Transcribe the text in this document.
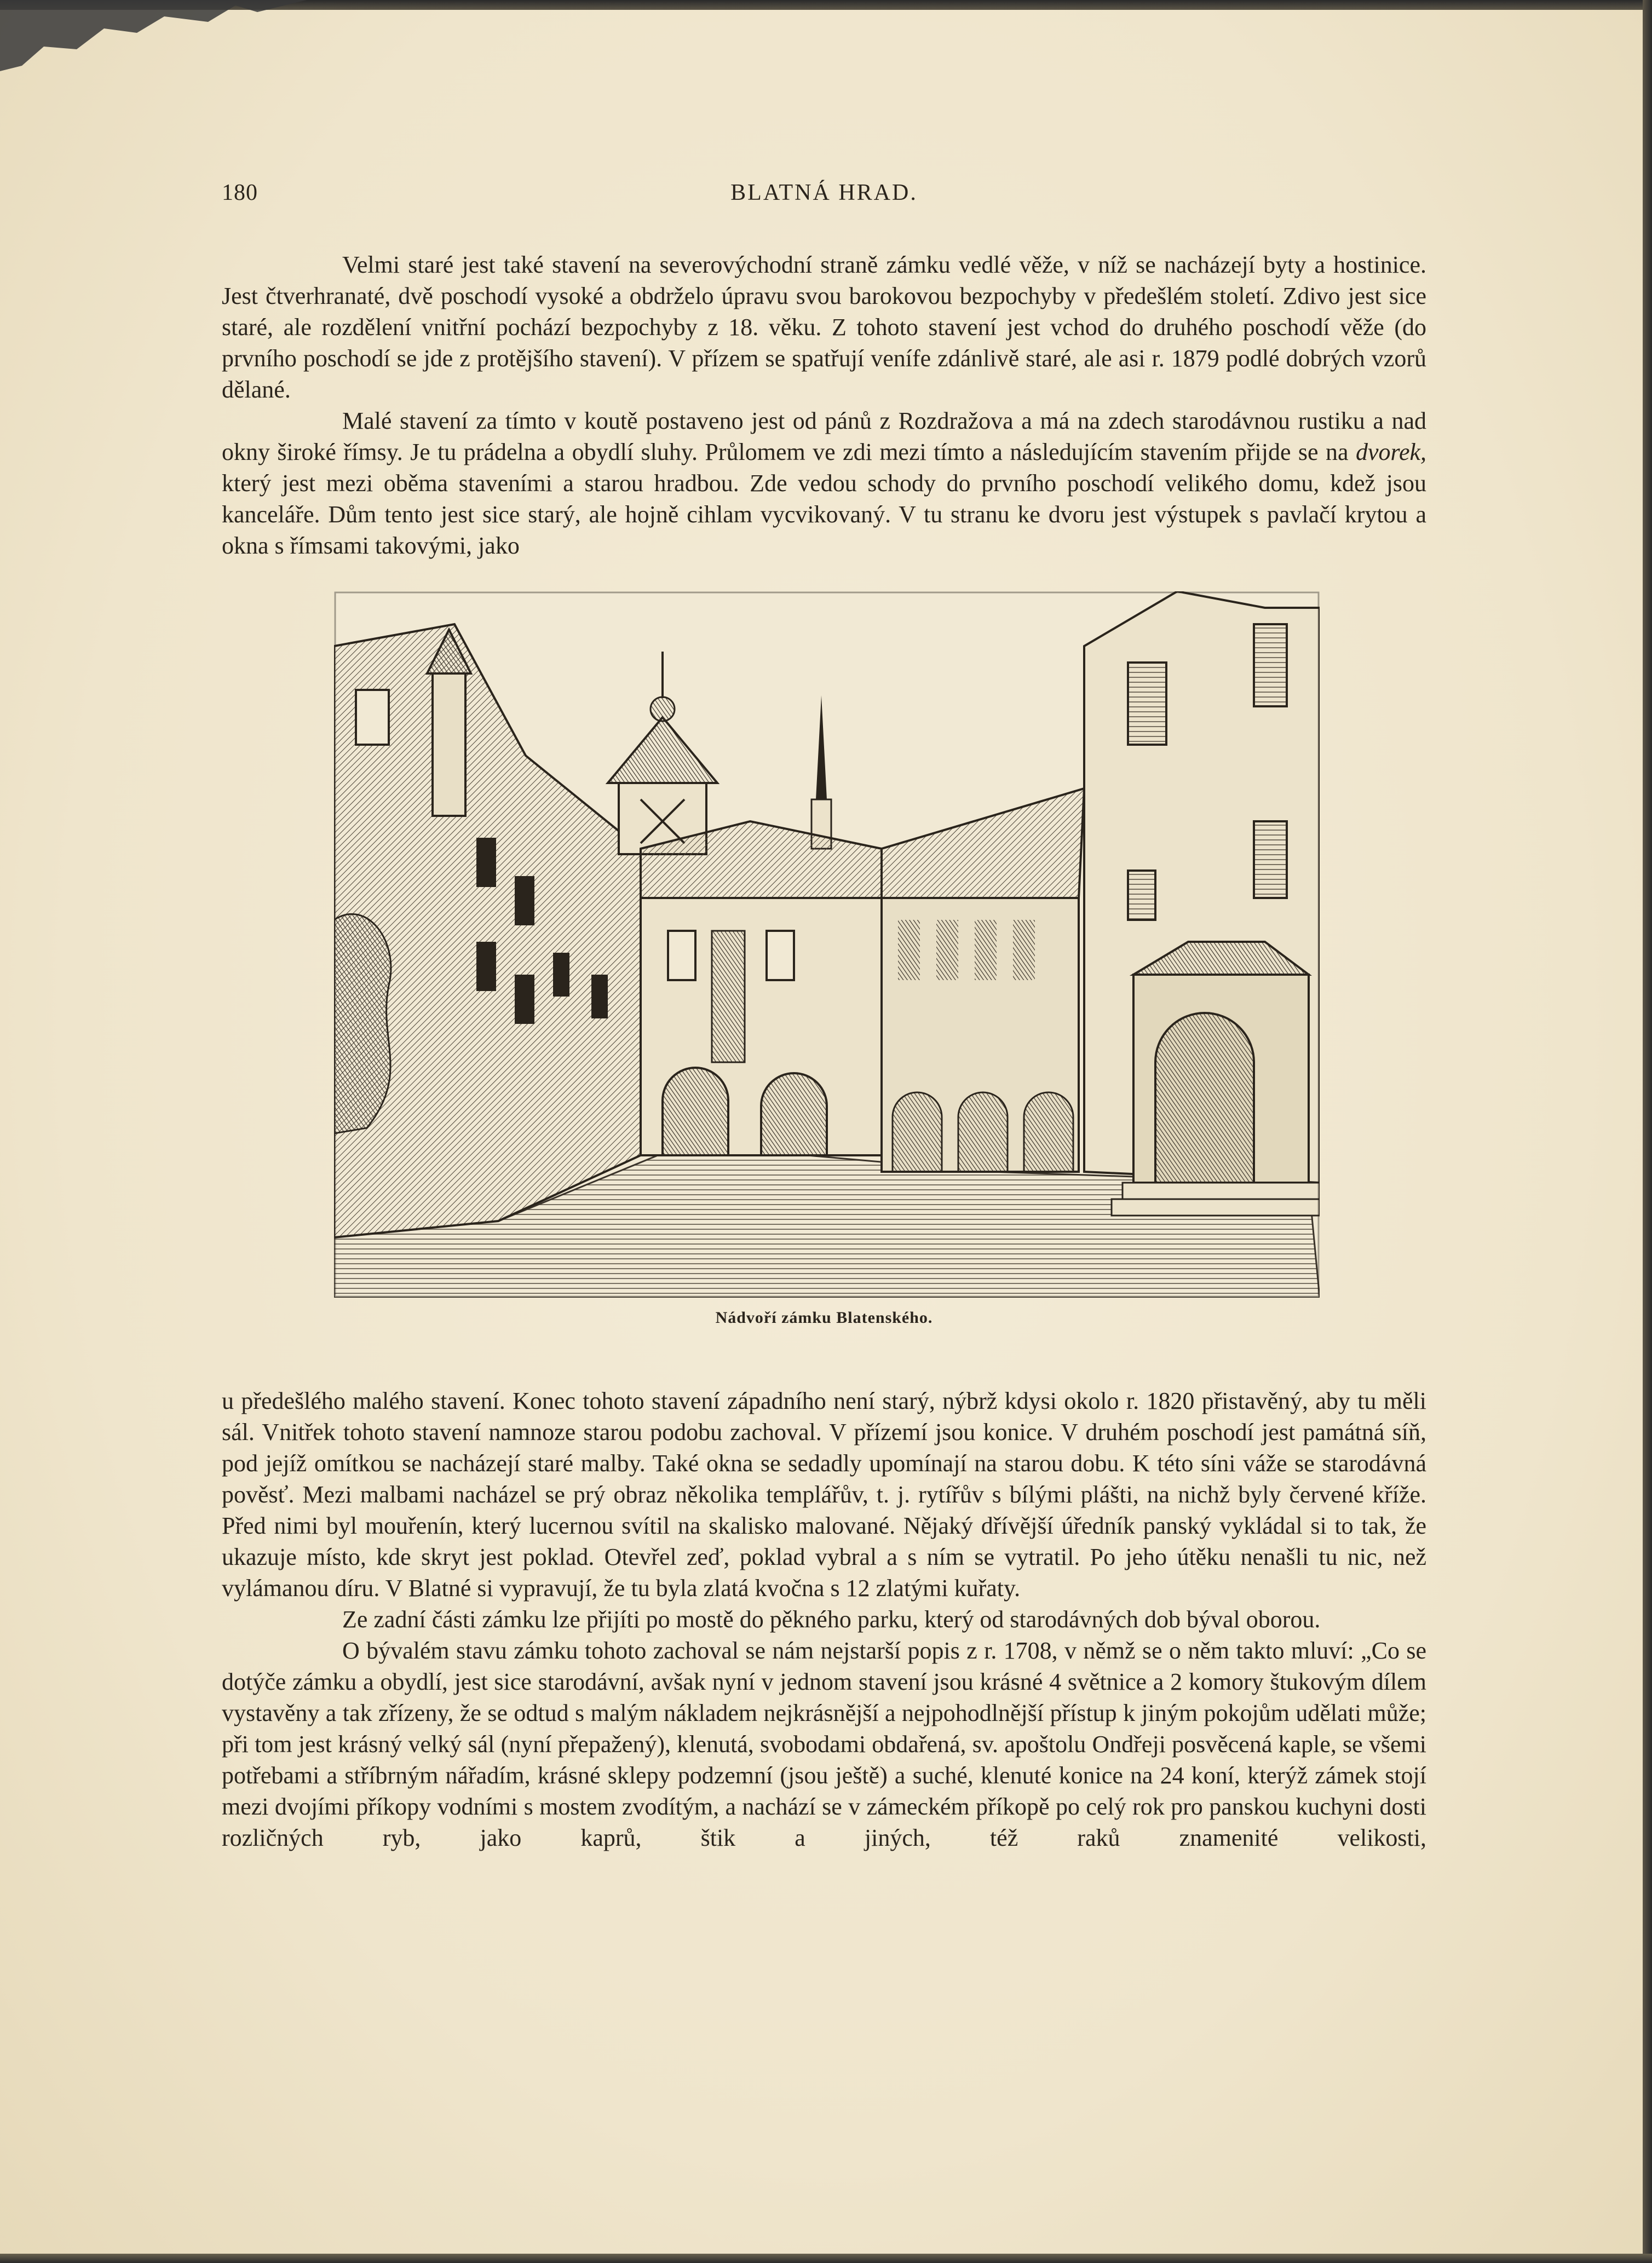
180	BLATNÁ HRAD.

Velmi staré jest také stavení na severovýchodní straně zámku vedlé věže, v níž se nacházejí byty a hostinice. Jest čtverhranaté, dvě poschodí vysoké a obdrželo úpravu svou barokovou bezpochyby v předešlém století. Zdivo jest sice staré, ale rozdělení vnitřní pochází bezpochyby z 18. věku. Z tohoto stavení jest vchod do druhého poschodí věže (do prvního poschodí se jde z protějšího stavení). V přízem se spatřují venífe zdánlivě staré, ale asi r. 1879 podlé dobrých vzorů dělané.

Malé stavení za tímto v koutě postaveno jest od pánů z Rozdražova a má na zdech starodávnou rustiku a nad okny široké římsy. Je tu prádelna a obydlí sluhy. Průlomem ve zdi mezi tímto a následujícím stavením přijde se na dvorek, který jest mezi oběma staveními a starou hradbou. Zde vedou schody do prvního poschodí velikého domu, kdež jsou kanceláře. Dům tento jest sice starý, ale hojně cihlam vycvikovaný. V tu stranu ke dvoru jest výstupek s pavlačí krytou a okna s římsami takovými, jako

Nádvoří zámku Blatenského.

u předešlého malého stavení. Konec tohoto stavení západního není starý, nýbrž kdysi okolo r. 1820 přistavěný, aby tu měli sál. Vnitřek tohoto stavení namnoze starou podobu zachoval. V přízemí jsou konice. V druhém poschodí jest památná síň, pod jejíž omítkou se nacházejí staré malby. Také okna se sedadly upomínají na starou dobu. K této síni váže se starodávná pověsť. Mezi malbami nacházel se prý obraz několika templářův, t. j. rytířův s bílými plášti, na nichž byly červené kříže. Před nimi byl mouřenín, který lucernou svítil na skalisko malované. Nějaký dřívější úředník panský vykládal si to tak, že ukazuje místo, kde skryt jest poklad. Otevřel zeď, poklad vybral a s ním se vytratil. Po jeho útěku nenašli tu nic, než vylámanou díru. V Blatné si vypravují, že tu byla zlatá kvočna s 12 zlatými kuřaty.

Ze zadní části zámku lze přijíti po mostě do pěkného parku, který od starodávných dob býval oborou.

O bývalém stavu zámku tohoto zachoval se nám nejstarší popis z r. 1708, v němž se o něm takto mluví: „Co se dotýče zámku a obydlí, jest sice starodávní, avšak nyní v jednom stavení jsou krásné 4 světnice a 2 komory štukovým dílem vystavěny a tak zřízeny, že se odtud s malým nákladem nejkrásnější a nejpohodlnější přístup k jiným pokojům udělati může; při tom jest krásný velký sál (nyní přepažený), klenutá, svobodami obdařená, sv. apoštolu Ondřeji posvěcená kaple, se všemi potřebami a stříbrným nářadím, krásné sklepy podzemní (jsou ještě) a suché, klenuté konice na 24 koní, kterýž zámek stojí mezi dvojími příkopy vodními s mostem zvodítým, a nachází se v zámeckém příkopě po celý rok pro panskou kuchyni dosti rozličných ryb, jako kaprů, štik a jiných, též raků znamenité velikosti,
